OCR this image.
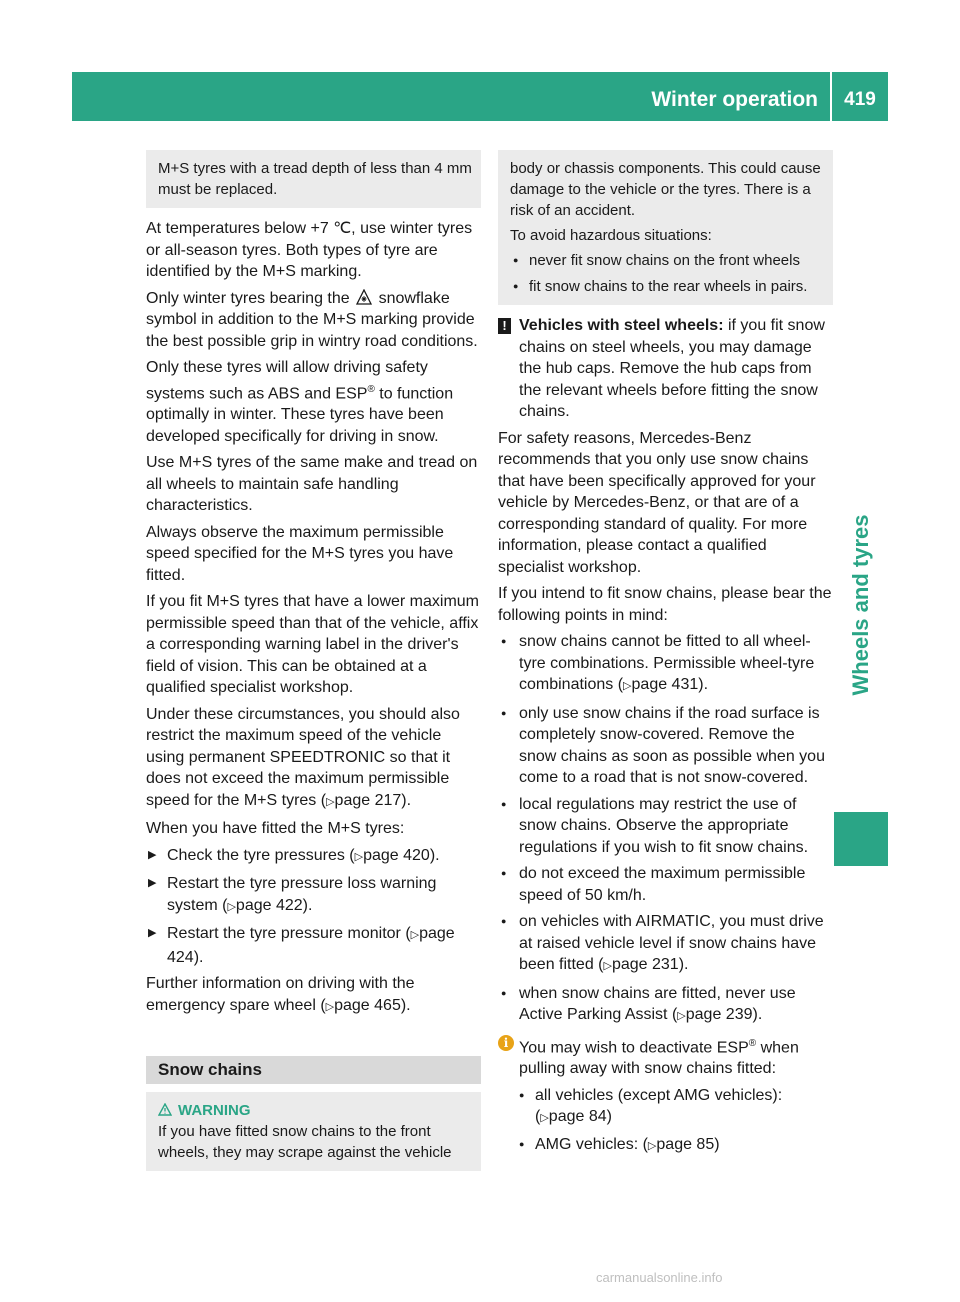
Winter operation	419
Wheels and tyres
M+S tyres with a tread depth of less than 4 mm must be replaced.

At temperatures below +7 ℃, use winter tyres or all-season tyres. Both types of tyre are identified by the M+S marking.

Only winter tyres bearing the snowflake symbol in addition to the M+S marking provide the best possible grip in wintry road conditions.

Only these tyres will allow driving safety systems such as ABS and ESP® to function optimally in winter. These tyres have been developed specifically for driving in snow.

Use M+S tyres of the same make and tread on all wheels to maintain safe handling characteristics.

Always observe the maximum permissible speed specified for the M+S tyres you have fitted.

If you fit M+S tyres that have a lower maximum permissible speed than that of the vehicle, affix a corresponding warning label in the driver's field of vision. This can be obtained at a qualified specialist workshop.

Under these circumstances, you should also restrict the maximum speed of the vehicle using permanent SPEEDTRONIC so that it does not exceed the maximum permissible speed for the M+S tyres (▷page 217).

When you have fitted the M+S tyres:

▶ Check the tyre pressures (▷page 420).
▶ Restart the tyre pressure loss warning system (▷page 422).
▶ Restart the tyre pressure monitor (▷page 424).

Further information on driving with the emergency spare wheel (▷page 465).

Snow chains
WARNING
If you have fitted snow chains to the front wheels, they may scrape against the vehicle

body or chassis components. This could cause damage to the vehicle or the tyres. There is a risk of an accident.

To avoid hazardous situations:

● never fit snow chains on the front wheels
● fit snow chains to the rear wheels in pairs.
! Vehicles with steel wheels: if you fit snow chains on steel wheels, you may damage the hub caps. Remove the hub caps from the relevant wheels before fitting the snow chains.

For safety reasons, Mercedes-Benz recommends that you only use snow chains that have been specifically approved for your vehicle by Mercedes-Benz, or that are of a corresponding standard of quality. For more information, please contact a qualified specialist workshop.

If you intend to fit snow chains, please bear the following points in mind:

● snow chains cannot be fitted to all wheel-tyre combinations. Permissible wheel-tyre combinations (▷page 431).
● only use snow chains if the road surface is completely snow-covered. Remove the snow chains as soon as possible when you come to a road that is not snow-covered.
● local regulations may restrict the use of snow chains. Observe the appropriate regulations if you wish to fit snow chains.
● do not exceed the maximum permissible speed of 50 km/h.
● on vehicles with AIRMATIC, you must drive at raised vehicle level if snow chains have been fitted (▷page 231).
● when snow chains are fitted, never use Active Parking Assist (▷page 239).
i You may wish to deactivate ESP® when pulling away with snow chains fitted:
● all vehicles (except AMG vehicles): (▷page 84)
● AMG vehicles: (▷page 85)
carmanualsonline.info
